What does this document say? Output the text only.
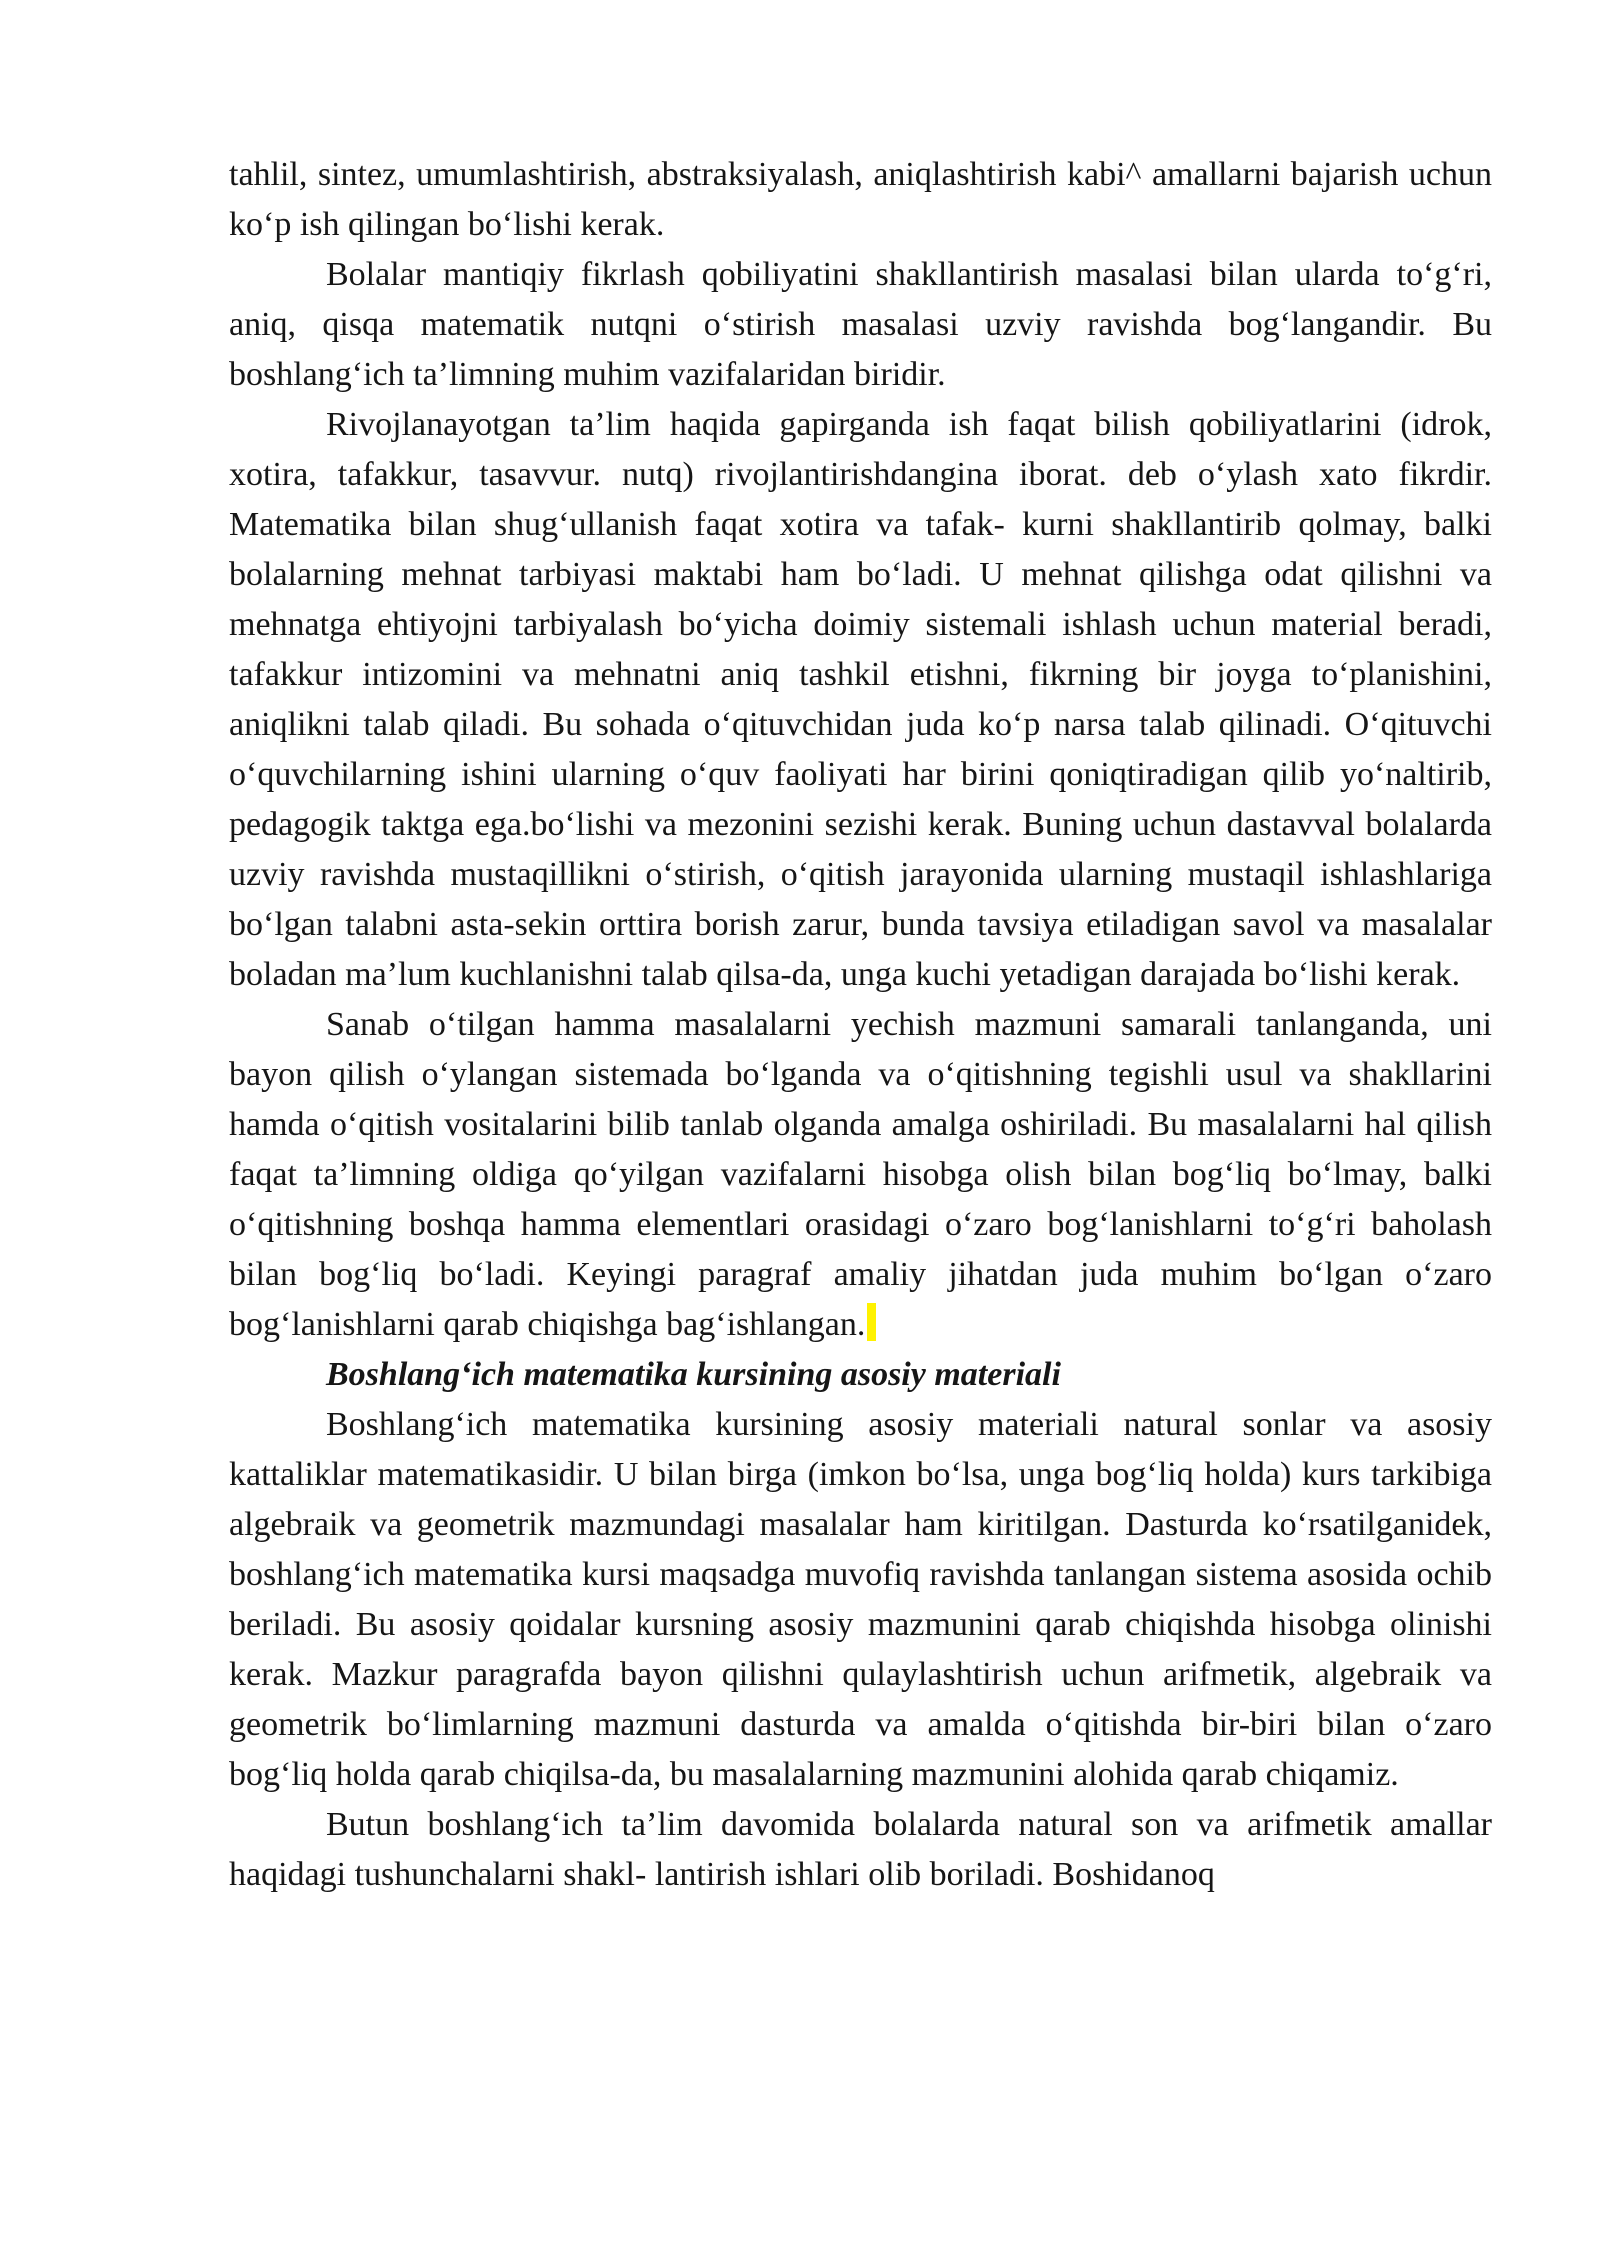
tahlil, sintez, umumlashtirish, abstraksiyalash, aniqlashtirish kabi^ amallarni bajarish uchun ko‘p ish qilingan bo‘lishi kerak.

Bolalar mantiqiy fikrlash qobiliyatini shakllantirish masalasi bilan ularda to‘g‘ri, aniq, qisqa matematik nutqni o‘stirish masalasi uzviy ravishda bog‘langandir. Bu boshlang‘ich ta’limning muhim vazifalaridan biridir.

Rivojlanayotgan ta’lim haqida gapirganda ish faqat bilish qobiliyatlarini (idrok, xotira, tafakkur, tasavvur. nutq) rivojlantirishdangina iborat. deb o‘ylash xato fikrdir. Matematika bilan shug‘ullanish faqat xotira va tafak- kurni shakllantirib qolmay, balki bolalarning mehnat tarbiyasi maktabi ham bo‘ladi. U mehnat qilishga odat qilishni va mehnatga ehtiyojni tarbiyalash bo‘yicha doimiy sistemali ishlash uchun material beradi, tafakkur intizomini va mehnatni aniq tashkil etishni, fikrning bir joyga to‘planishini, aniqlikni talab qiladi. Bu sohada o‘qituvchidan juda ko‘p narsa talab qilinadi. O‘qituvchi o‘quvchilarning ishini ularning o‘quv faoliyati har birini qoniqtiradigan qilib yo‘naltirib, pedagogik taktga ega.bo‘lishi va mezonini sezishi kerak. Buning uchun dastavval bolalarda uzviy ravishda mustaqillikni o‘stirish, o‘qitish jarayonida ularning mustaqil ishlashlariga bo‘lgan talabni asta-sekin orttira borish zarur, bunda tavsiya etiladigan savol va masalalar boladan ma’lum kuchlanishni talab qilsa-da, unga kuchi yetadigan darajada bo‘lishi kerak.

Sanab o‘tilgan hamma masalalarni yechish mazmuni samarali tanlanganda, uni bayon qilish o‘ylangan sistemada bo‘lganda va o‘qitishning tegishli usul va shakllarini hamda o‘qitish vositalarini bilib tanlab olganda amalga oshiriladi. Bu masalalarni hal qilish faqat ta’limning oldiga qo‘yilgan vazifalarni hisobga olish bilan bog‘liq bo‘lmay, balki o‘qitishning boshqa hamma elementlari orasidagi o‘zaro bog‘lanishlarni to‘g‘ri baholash bilan bog‘liq bo‘ladi. Keyingi paragraf amaliy jihatdan juda muhim bo‘lgan o‘zaro bog‘lanishlarni qarab chiqishga bag‘ishlangan.

Boshlang‘ich matematika kursining asosiy materiali

Boshlang‘ich matematika kursining asosiy materiali natural sonlar va asosiy kattaliklar matematikasidir. U bilan birga (imkon bo‘lsa, unga bog‘liq holda) kurs tarkibiga algebraik va geometrik mazmundagi masalalar ham kiritilgan. Dasturda ko‘rsatilganidek, boshlang‘ich matematika kursi maqsadga muvofiq ravishda tanlangan sistema asosida ochib beriladi. Bu asosiy qoidalar kursning asosiy mazmunini qarab chiqishda hisobga olinishi kerak. Mazkur paragrafda bayon qilishni qulaylashtirish uchun arifmetik, algebraik va geometrik bo‘limlarning mazmuni dasturda va amalda o‘qitishda bir-biri bilan o‘zaro bog‘liq holda qarab chiqilsa-da, bu masalalarning mazmunini alohida qarab chiqamiz.

Butun boshlang‘ich ta’lim davomida bolalarda natural son va arifmetik amallar haqidagi tushunchalarni shakl- lantirish ishlari olib boriladi. Boshidanoq
